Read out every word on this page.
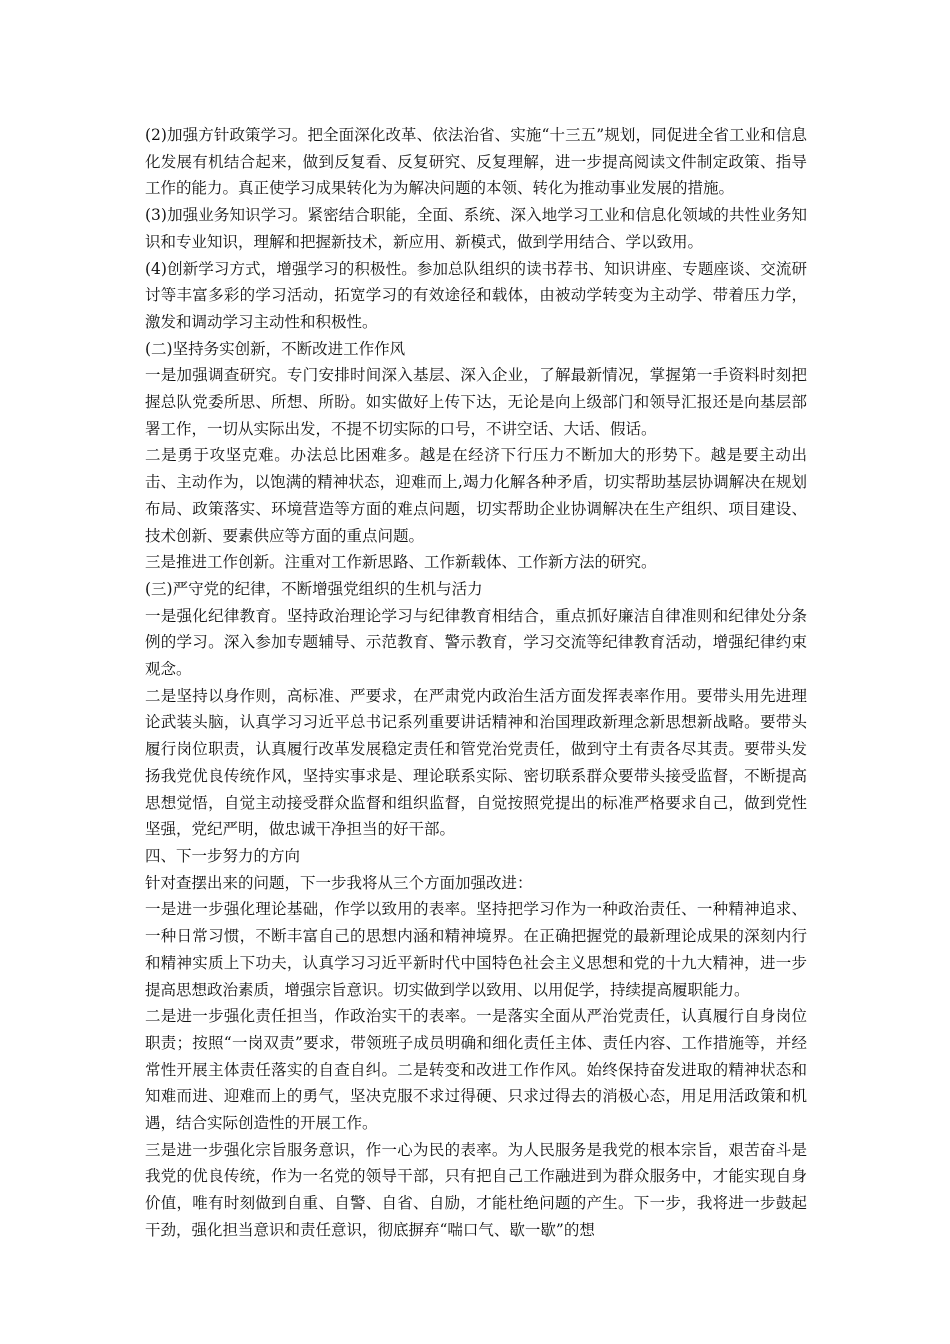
(2)加强方针政策学习。把全面深化改革、依法治省、实施“十三五”规划，同促进全省工业和信息化发展有机结合起来，做到反复看、反复研究、反复理解，进一步提高阅读文件制定政策、指导工作的能力。真正使学习成果转化为为解决问题的本领、转化为推动事业发展的措施。

(3)加强业务知识学习。紧密结合职能，全面、系统、深入地学习工业和信息化领域的共性业务知识和专业知识，理解和把握新技术，新应用、新模式，做到学用结合、学以致用。

(4)创新学习方式，增强学习的积极性。参加总队组织的读书荐书、知识讲座、专题座谈、交流研讨等丰富多彩的学习活动，拓宽学习的有效途径和载体，由被动学转变为主动学、带着压力学，激发和调动学习主动性和积极性。

(二)坚持务实创新，不断改进工作作风

一是加强调查研究。专门安排时间深入基层、深入企业，了解最新情况，掌握第一手资料时刻把握总队党委所思、所想、所盼。如实做好上传下达，无论是向上级部门和领导汇报还是向基层部署工作，一切从实际出发，不提不切实际的口号，不讲空话、大话、假话。

二是勇于攻坚克难。办法总比困难多。越是在经济下行压力不断加大的形势下。越是要主动出击、主动作为，以饱满的精神状态，迎难而上,竭力化解各种矛盾，切实帮助基层协调解决在规划布局、政策落实、环境营造等方面的难点问题，切实帮助企业协调解决在生产组织、项目建设、技术创新、要素供应等方面的重点问题。

三是推进工作创新。注重对工作新思路、工作新载体、工作新方法的研究。

(三)严守党的纪律，不断增强党组织的生机与活力

一是强化纪律教育。坚持政治理论学习与纪律教育相结合，重点抓好廉洁自律准则和纪律处分条例的学习。深入参加专题辅导、示范教育、警示教育，学习交流等纪律教育活动，增强纪律约束观念。

二是坚持以身作则，高标准、严要求，在严肃党内政治生活方面发挥表率作用。要带头用先进理论武装头脑，认真学习习近平总书记系列重要讲话精神和治国理政新理念新思想新战略。要带头履行岗位职责，认真履行改革发展稳定责任和管党治党责任，做到守土有责各尽其责。要带头发扬我党优良传统作风，坚持实事求是、理论联系实际、密切联系群众要带头接受监督，不断提高思想觉悟，自觉主动接受群众监督和组织监督，自觉按照党提出的标准严格要求自己，做到党性坚强，党纪严明，做忠诚干净担当的好干部。

四、下一步努力的方向

针对查摆出来的问题，下一步我将从三个方面加强改进：

一是进一步强化理论基础，作学以致用的表率。坚持把学习作为一种政治责任、一种精神追求、一种日常习惯，不断丰富自己的思想内涵和精神境界。在正确把握党的最新理论成果的深刻内行和精神实质上下功夫，认真学习习近平新时代中国特色社会主义思想和党的十九大精神，进一步提高思想政治素质，增强宗旨意识。切实做到学以致用、以用促学，持续提高履职能力。

二是进一步强化责任担当，作政治实干的表率。一是落实全面从严治党责任，认真履行自身岗位职责；按照“一岗双责”要求，带领班子成员明确和细化责任主体、责任内容、工作措施等，并经常性开展主体责任落实的自查自纠。二是转变和改进工作作风。始终保持奋发进取的精神状态和知难而进、迎难而上的勇气，坚决克服不求过得硬、只求过得去的消极心态，用足用活政策和机遇，结合实际创造性的开展工作。

三是进一步强化宗旨服务意识，作一心为民的表率。为人民服务是我党的根本宗旨，艰苦奋斗是我党的优良传统，作为一名党的领导干部，只有把自己工作融进到为群众服务中，才能实现自身价值，唯有时刻做到自重、自警、自省、自励，才能杜绝问题的产生。下一步，我将进一步鼓起干劲，强化担当意识和责任意识，彻底摒弃“喘口气、歇一歇”的想
